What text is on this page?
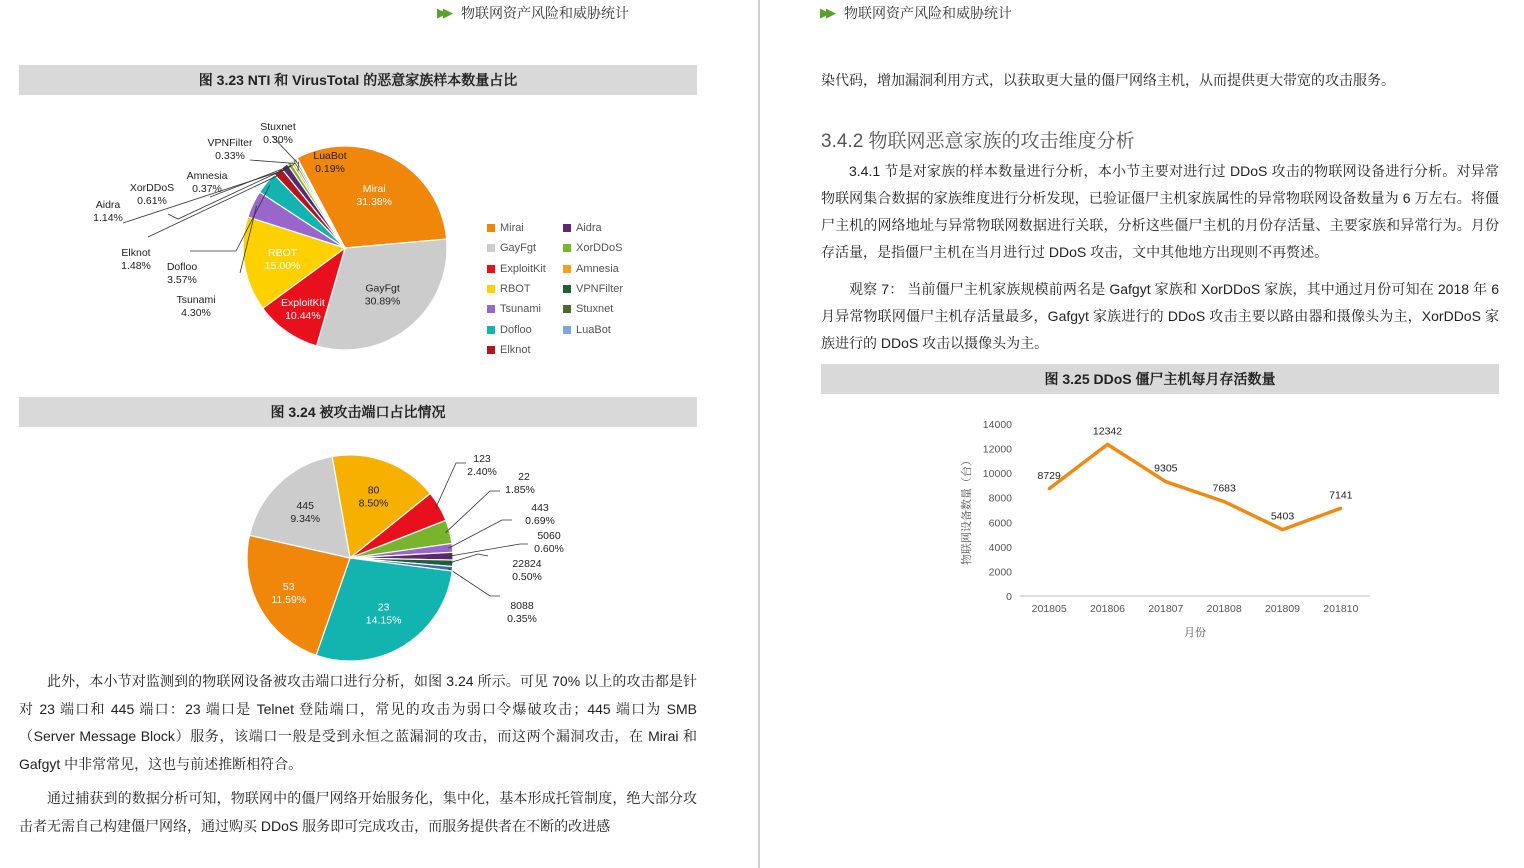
▶▶ 物联网资产风险和威胁统计	▶▶ 物联网资产风险和威胁统计
图 3.23 NTI 和 VirusTotal 的恶意家族样本数量占比
Mirai
31.38%
GayFgt
30.89%
ExploitKit
10.44%
RBOT
15.00%
Tsunami
4.30%
Dofloo
3.57%
Elknot
1.48%
Aidra
1.14%
XorDDoS
0.61%
Amnesia
0.37%
VPNFilter
0.33%
Stuxnet
0.30%
LuaBot
0.19%
Mirai	Aidra
GayFgt	XorDDoS
ExploitKit	Amnesia
RBOT	VPNFilter
Tsunami	Stuxnet
Dofloo	LuaBot
Elknot
图 3.24 被攻击端口占比情况
80
8.50%
123
2.40% 22
1.85%
443
0.69%
5060
0.60%
22824
0.50%
8088
0.35%
23
14.15%
53
11.59%
445
9.34%

此外，本小节对监测到的物联网设备被攻击端口进行分析，如图 3.24 所示。可见 70% 以上的攻击都是针对 23 端口和 445 端口：23 端口是 Telnet 登陆端口，常见的攻击为弱口令爆破攻击；445 端口为 SMB（Server Message Block）服务，该端口一般是受到永恒之蓝漏洞的攻击，而这两个漏洞攻击，在 Mirai 和 Gafgyt 中非常常见，这也与前述推断相符合。

通过捕获到的数据分析可知，物联网中的僵尸网络开始服务化，集中化，基本形成托管制度，绝大部分攻击者无需自己构建僵尸网络，通过购买 DDoS 服务即可完成攻击，而服务提供者在不断的改进感

染代码，增加漏洞利用方式，以获取更大量的僵尸网络主机，从而提供更大带宽的攻击服务。

3.4.2 物联网恶意家族的攻击维度分析

3.4.1 节是对家族的样本数量进行分析，本小节主要对进行过 DDoS 攻击的物联网设备进行分析。对异常物联网集合数据的家族维度进行分析发现，已验证僵尸主机家族属性的异常物联网设备数量为 6 万左右。将僵尸主机的网络地址与异常物联网数据进行关联，分析这些僵尸主机的月份存活量、主要家族和异常行为。月份存活量，是指僵尸主机在当月进行过 DDoS 攻击，文中其他地方出现则不再赘述。

观察 7： 当前僵尸主机家族规模前两名是 Gafgyt 家族和 XorDDoS 家族，其中通过月份可知在 2018 年 6 月异常物联网僵尸主机存活量最多，Gafgyt 家族进行的 DDoS 攻击主要以路由器和摄像头为主，XorDDoS 家族进行的 DDoS 攻击以摄像头为主。

图 3.25 DDoS 僵尸主机每月存活数量
0
2000
4000
6000
8000
10000
12000
14000
201805 201806 201807 201808 201809 201810
8729
12342
9305
7683
5403
7141
月份
物联网设备数量（台）
